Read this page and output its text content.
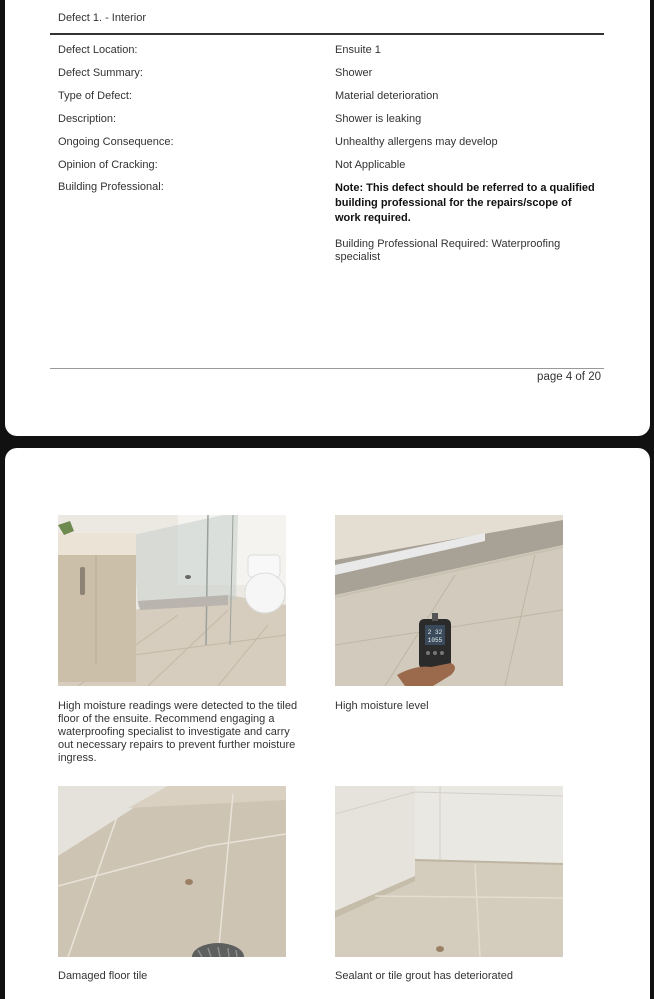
Defect 1. - Interior
Defect Location:	Ensuite 1
Defect Summary:	Shower
Type of Defect:	Material deterioration
Description:	Shower is leaking
Ongoing Consequence:	Unhealthy allergens may develop
Opinion of Cracking:	Not Applicable
Building Professional:	Note: This defect should be referred to a qualified building professional for the repairs/scope of work required.
Building Professional Required: Waterproofing specialist
page 4 of 20
High moisture readings were detected to the tiled floor of the ensuite. Recommend engaging a waterproofing specialist to investigate and carry out necessary repairs to prevent further moisture ingress.
2 32
1055
High moisture level
Damaged floor tile	Sealant or tile grout has deteriorated
